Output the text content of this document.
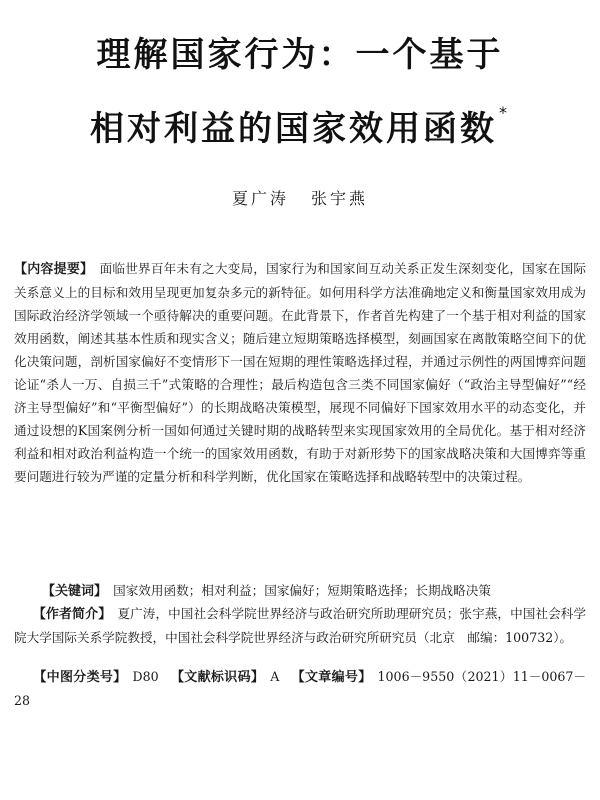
理解国家行为：一个基于
相对利益的国家效用函数 *
夏广涛 张宇燕
【内容提要】　 面临世界百年未有之大变局，国家行为和国家间互动关系正发生深刻变化，国家在国际关系意义上的目标和效用呈现更加复杂多元的新特征。如何用科学方法准确地定义和衡量国家效用成为国际政治经济学领域一个亟待解决的重要问题。在此背景下，作者首先构建了一个基于相对利益的国家效用函数，阐述其基本性质和现实含义；随后建立短期策略选择模型，刻画国家在离散策略空间下的优化决策问题，剖析国家偏好不变情形下一国在短期的理性策略选择过程，并通过示例性的两国博弈问题论证“杀人一万、自损三千”式策略的合理性；最后构造包含三类不同国家偏好（“政治主导型偏好”“经济主导型偏好”和“平衡型偏好”）的长期战略决策模型，展现不同偏好下国家效用水平的动态变化，并通过设想的K国案例分析一国如何通过关键时期的战略转型来实现国家效用的全局优化。基于相对经济利益和相对政治利益构造一个统一的国家效用函数，有助于对新形势下的国家战略决策和大国博弈等重要问题进行较为严谨的定量分析和科学判断，优化国家在策略选择和战略转型中的决策过程。
【关键词】　 国家效用函数；相对利益；国家偏好；短期策略选择；长期战略决策
　　【作者简介】　 夏广涛，中国社会科学院世界经济与政治研究所助理研究员；张宇燕，中国社会科学院大学国际关系学院教授，中国社会科学院世界经济与政治研究所研究员（北京　邮编：100732）。
　　【中图分类号】 D80 【文献标识码】 A 【文章编号】 1006－9550（2021）11－0067－28
